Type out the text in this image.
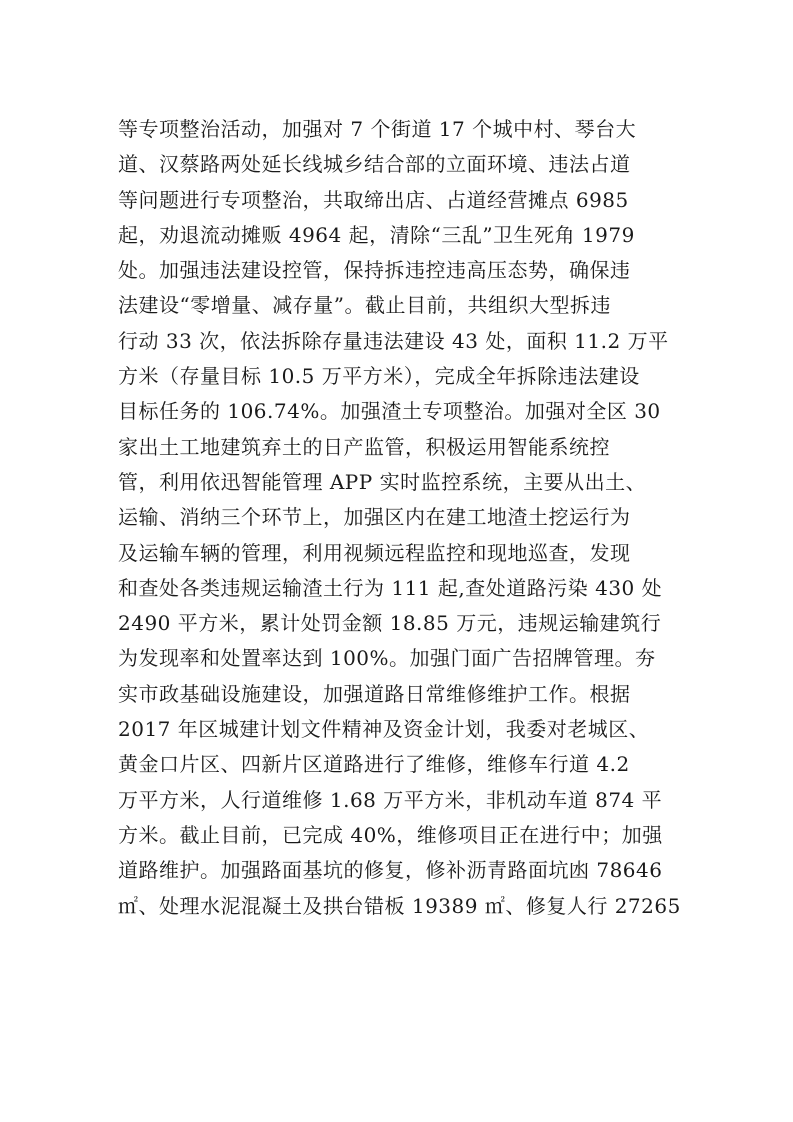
等专项整治活动，加强对 7 个街道 17 个城中村、琴台大
道、汉蔡路两处延长线城乡结合部的立面环境、违法占道
等问题进行专项整治，共取缔出店、占道经营摊点 6985
起，劝退流动摊贩 4964 起，清除“三乱”卫生死角 1979
处。加强违法建设控管，保持拆违控违高压态势，确保违
法建设“零增量、减存量”。截止目前，共组织大型拆违
行动 33 次，依法拆除存量违法建设 43 处，面积 11.2 万平
方米（存量目标 10.5 万平方米），完成全年拆除违法建设
目标任务的 106.74%。加强渣土专项整治。加强对全区 30
家出土工地建筑弃土的日产监管，积极运用智能系统控
管，利用依迅智能管理 APP 实时监控系统，主要从出土、
运输、消纳三个环节上，加强区内在建工地渣土挖运行为
及运输车辆的管理，利用视频远程监控和现地巡查，发现
和查处各类违规运输渣土行为 111 起,查处道路污染 430 处
2490 平方米，累计处罚金额 18.85 万元，违规运输建筑行
为发现率和处置率达到 100%。加强门面广告招牌管理。夯
实市政基础设施建设，加强道路日常维修维护工作。根据
2017 年区城建计划文件精神及资金计划，我委对老城区、
黄金口片区、四新片区道路进行了维修，维修车行道 4.2
万平方米，人行道维修 1.68 万平方米，非机动车道 874 平
方米。截止目前，已完成 40%，维修项目正在进行中；加强
道路维护。加强路面基坑的修复，修补沥青路面坑凼 78646
㎡、处理水泥混凝土及拱台错板 19389 ㎡、修复人行 27265
